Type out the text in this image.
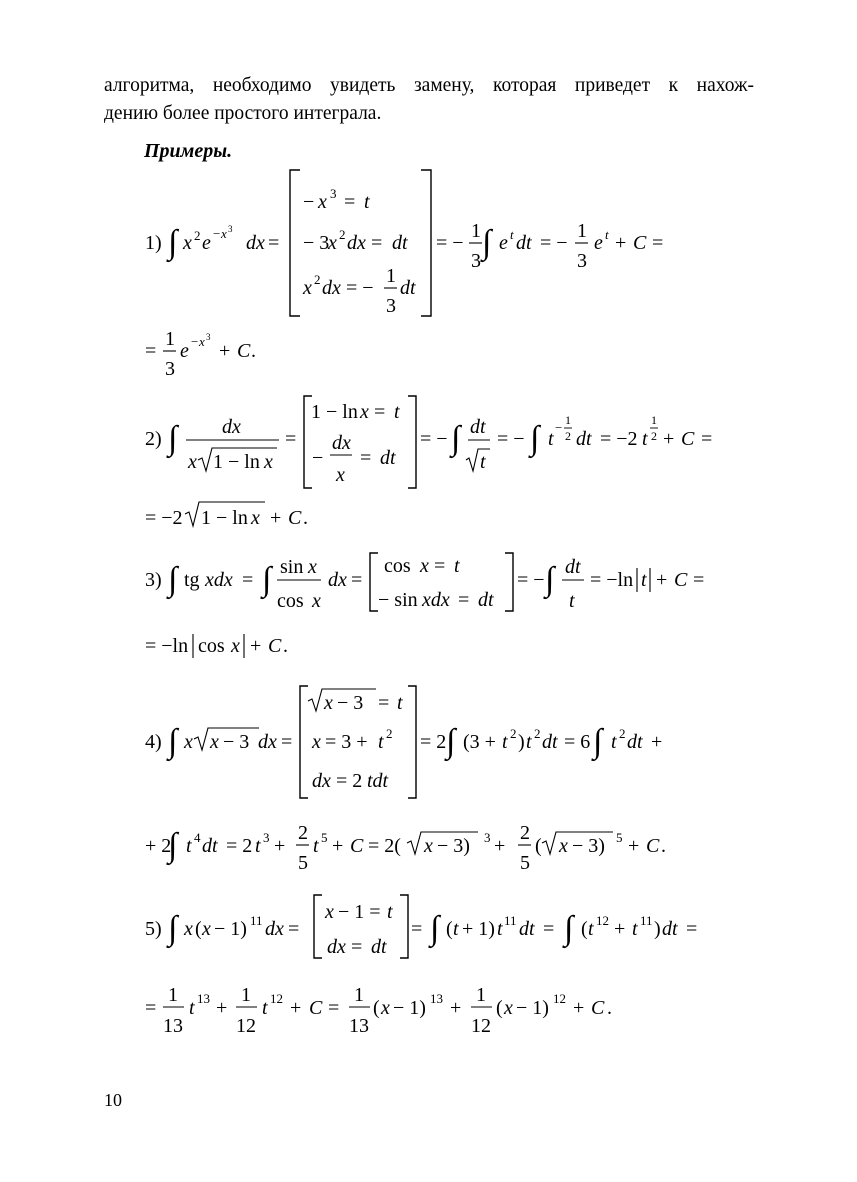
алгоритма, необходимо увидеть замену, которая приведет к нахож-
дению более простого интеграла.
Примеры.
1) ∫ x 2 e − x 3
dx =
− x 3 = t
− 3
x 2 dx = dt
x 2 dx = −
1
3
dt
= −
1
3 ∫ e t dt = −
1
3
e t + C =
=
1
3
e − x 3
+ C .
2) ∫ dx
x 1 − ln x
=
1 − ln x = t
−
dx
x
= dt
= − ∫ dt
t
= − ∫ t
− 1
2 dt = −2 t
1
2 + C =
= −2 1 − ln x + C .
3) ∫ tg xdx = ∫ sin x
cos x
dx =
cos x = t
− sin xdx = dt
= − ∫ dt
t
= −ln t + C =
= −ln cos x + C .
4) ∫ x x − 3 dx =
x − 3 = t
x = 3 + t 2
dx = 2 tdt
= 2 ∫ (3 + t 2 ) t 2 dt = 6 ∫ t 2 dt +
+ 2
∫ t 4 dt = 2 t 3 +
2
5
t 5 + C = 2( x − 3) 3 +
2
5
( x − 3) 5 + C .
5) ∫ x ( x − 1) 11 dx =
x − 1 = t
dx = dt
= ∫ ( t + 1) t 11 dt = ∫ ( t 12 + t 11 ) dt =
=
1
13
t 13 +
1
12
t 12 + C =
1
13
( x − 1) 13 +
1
12
( x − 1) 12 + C .
10
